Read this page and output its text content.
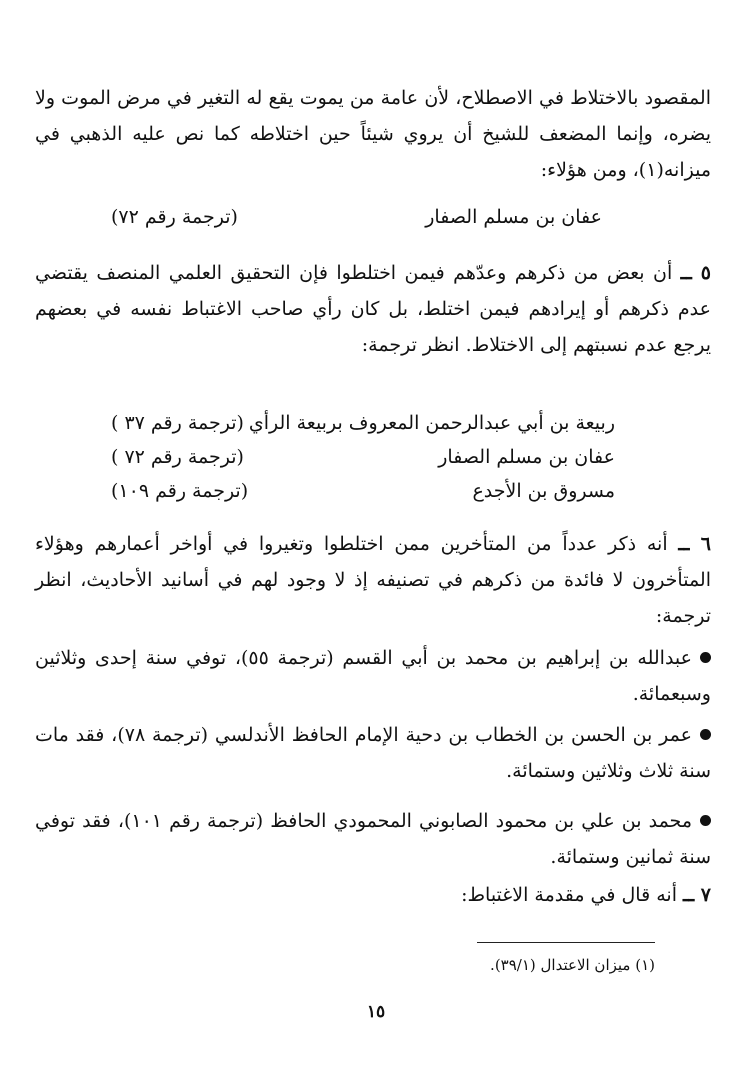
المقصود بالاختلاط في الاصطلاح، لأن عامة من يموت يقع له التغير في مرض الموت ولا يضره، وإنما المضعف للشيخ أن يروي شيئاً حين اختلاطه كما نص عليه الذهبي في ميزانه(١)، ومن هؤلاء:
عفان بن مسلم الصفار
(ترجمة رقم ٧٢)
٥ ــ أن بعض من ذكرهم وعدّهم فيمن اختلطوا فإن التحقيق العلمي المنصف يقتضي عدم ذكرهم أو إيرادهم فيمن اختلط، بل كان رأي صاحب الاغتباط نفسه في بعضهم يرجع عدم نسبتهم إلى الاختلاط. انظر ترجمة:
ربيعة بن أبي عبدالرحمن المعروف بربيعة الرأي
(ترجمة رقم ٣٧ )
عفان بن مسلم الصفار
(ترجمة رقم ٧٢ )
مسروق بن الأجدع
(ترجمة رقم ١٠٩)
٦ ــ أنه ذكر عدداً من المتأخرين ممن اختلطوا وتغيروا في أواخر أعمارهم وهؤلاء المتأخرون لا فائدة من ذكرهم في تصنيفه إذ لا وجود لهم في أسانيد الأحاديث، انظر ترجمة:
عبدالله بن إبراهيم بن محمد بن أبي القسم (ترجمة ٥٥)، توفي سنة إحدى وثلاثين وسبعمائة.
عمر بن الحسن بن الخطاب بن دحية الإمام الحافظ الأندلسي (ترجمة ٧٨)، فقد مات سنة ثلاث وثلاثين وستمائة.
محمد بن علي بن محمود الصابوني المحمودي الحافظ (ترجمة رقم ١٠١)، فقد توفي سنة ثمانين وستمائة.
٧ ــ أنه قال في مقدمة الاغتباط:
(١) ميزان الاعتدال (٣٩/١).
١٥
